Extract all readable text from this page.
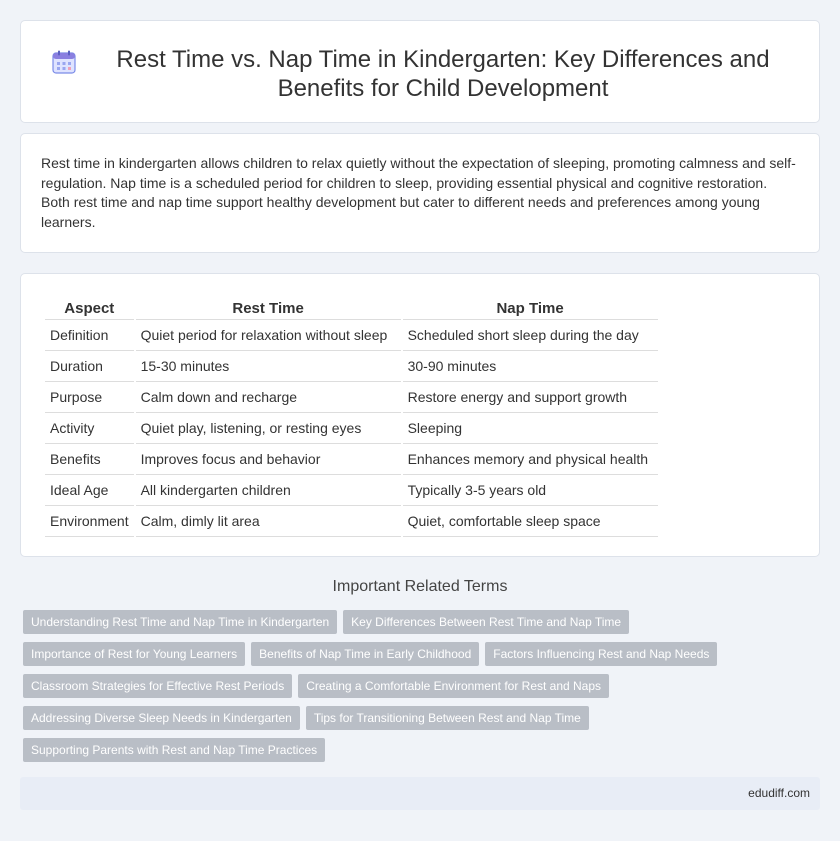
Rest Time vs. Nap Time in Kindergarten: Key Differences and Benefits for Child Development

Rest time in kindergarten allows children to relax quietly without the expectation of sleeping, promoting calmness and self-regulation. Nap time is a scheduled period for children to sleep, providing essential physical and cognitive restoration. Both rest time and nap time support healthy development but cater to different needs and preferences among young learners.

Aspect	Rest Time	Nap Time
Definition	Quiet period for relaxation without sleep	Scheduled short sleep during the day
Duration	15-30 minutes	30-90 minutes
Purpose	Calm down and recharge	Restore energy and support growth
Activity	Quiet play, listening, or resting eyes	Sleeping
Benefits	Improves focus and behavior	Enhances memory and physical health
Ideal Age	All kindergarten children	Typically 3-5 years old
Environment	Calm, dimly lit area	Quiet, comfortable sleep space
Important Related Terms
Understanding Rest Time and Nap Time in Kindergarten	Key Differences Between Rest Time and Nap Time
Importance of Rest for Young Learners	Benefits of Nap Time in Early Childhood	Factors Influencing Rest and Nap Needs
Classroom Strategies for Effective Rest Periods	Creating a Comfortable Environment for Rest and Naps
Addressing Diverse Sleep Needs in Kindergarten	Tips for Transitioning Between Rest and Nap Time
Supporting Parents with Rest and Nap Time Practices
edudiff.com
